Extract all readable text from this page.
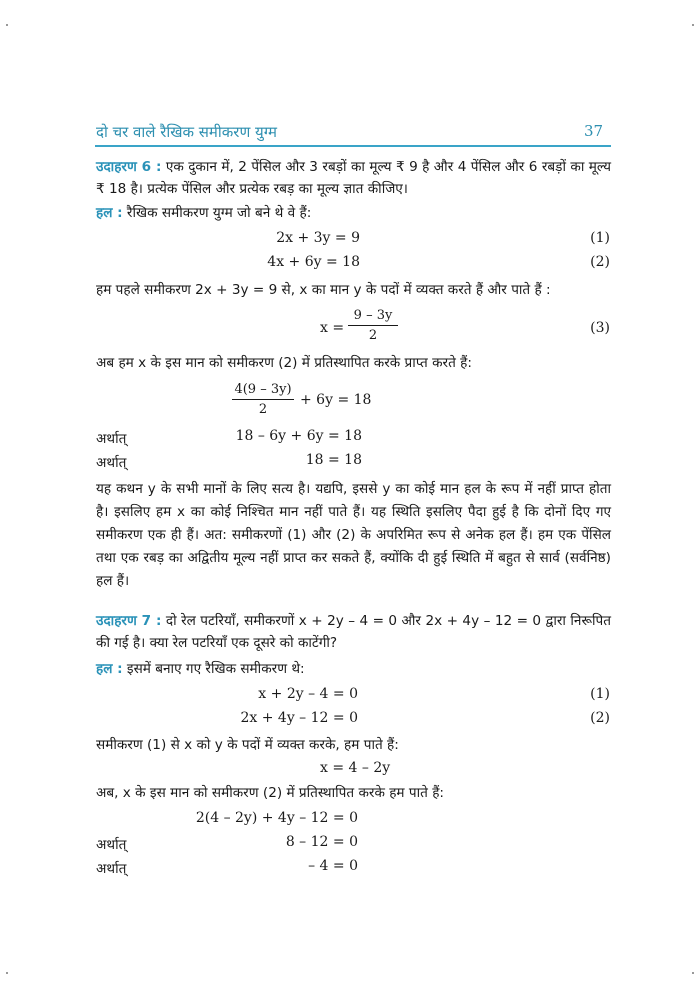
दो चर वाले रैखिक समीकरण युग्म	37
उदाहरण 6 : एक दुकान में, 2 पेंसिल और 3 रबड़ों का मूल्य ₹ 9 है और 4 पेंसिल और 6 रबड़ों का मूल्य ₹ 18 है। प्रत्येक पेंसिल और प्रत्येक रबड़ का मूल्य ज्ञात कीजिए।
हल : रैखिक समीकरण युग्म जो बने थे वे हैं:
2x + 3y = 9	(1)
4x + 6y = 18	(2)
हम पहले समीकरण 2x + 3y = 9 से, x का मान y के पदों में व्यक्त करते हैं और पाते हैं :
$x = \frac{9 - 3y}{2}$	(3)
अब हम x के इस मान को समीकरण (2) में प्रतिस्थापित करके प्राप्त करते हैं:
$\frac{4(9 - 3y)}{2} + 6y = 18$
अर्थात्	18 – 6y + 6y = 18
अर्थात्	18 = 18
यह कथन y के सभी मानों के लिए सत्य है। यद्यपि, इससे y का कोई मान हल के रूप में नहीं प्राप्त होता है। इसलिए हम x का कोई निश्चित मान नहीं पाते हैं। यह स्थिति इसलिए पैदा हुई है कि दोनों दिए गए समीकरण एक ही हैं। अत: समीकरणों (1) और (2) के अपरिमित रूप से अनेक हल हैं। हम एक पेंसिल तथा एक रबड़ का अद्वितीय मूल्य नहीं प्राप्त कर सकते हैं, क्योंकि दी हुई स्थिति में बहुत से सार्व (सर्वनिष्ठ) हल हैं।
उदाहरण 7 : दो रेल पटरियाँ, समीकरणों x + 2y – 4 = 0 और 2x + 4y – 12 = 0 द्वारा निरूपित की गई है। क्या रेल पटरियाँ एक दूसरे को काटेंगी?
हल : इसमें बनाए गए रैखिक समीकरण थे:
x + 2y – 4 = 0	(1)
2x + 4y – 12 = 0	(2)
समीकरण (1) से x को y के पदों में व्यक्त करके, हम पाते हैं:
x = 4 – 2y
अब, x के इस मान को समीकरण (2) में प्रतिस्थापित करके हम पाते हैं:
2(4 – 2y) + 4y – 12 = 0
अर्थात्	8 – 12 = 0
अर्थात्	– 4 = 0
